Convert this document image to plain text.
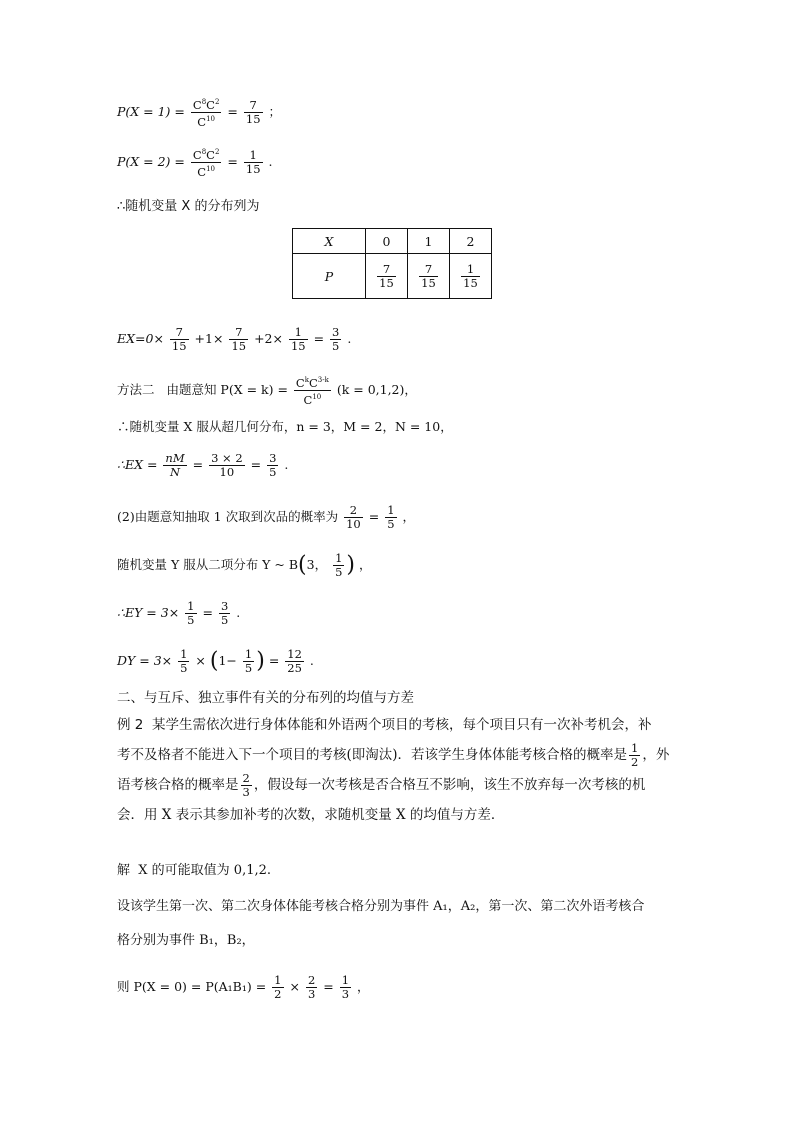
$P(X = 1) = \frac{C^8C^2}{C^{10}} = \frac{7}{15}$ ；
$P(X = 2) = \frac{C^8C^2}{C^{10}} = \frac{1}{15}$ .
∴随机变量 X 的分布列为
X	0	1	2
P	$\frac{7}{15}$	$\frac{7}{15}$	$\frac{1}{15}$
$EX=0\times \frac{7}{15} +1\times \frac{7}{15} +2\times \frac{1}{15} = \frac{3}{5}$ .
方法二 由题意知 $P(X = k) = \frac{C^kC^{3-k}}{C^{10}} (k = 0,1,2)$，
∴随机变量 X 服从超几何分布，n = 3，M = 2，N = 10，
∴EX = $\frac{nM}{N} = \frac{3 \times 2}{10} = \frac{3}{5}$ .
(2)由题意知抽取 1 次取到次品的概率为 $\frac{2}{10} = \frac{1}{5}$ ，
随机变量 Y 服从二项分布 Y ~ B(3， $\frac{1}{5}$ ) ，
∴EY = $3\times \frac{1}{5} = \frac{3}{5}$ .
DY = $3\times \frac{1}{5} \times (1- \frac{1}{5}$ ) = $\frac{12}{25}$ .
二、与互斥、独立事件有关的分布列的均值与方差
例 2 某学生需依次进行身体体能和外语两个项目的考核，每个项目只有一次补考机会，补
考不及格者不能进入下一个项目的考核(即淘汰)．若该学生身体体能考核合格的概率是 $\frac{1}{2}$ ，外
语考核合格的概率是 $\frac{2}{3}$ ，假设每一次考核是否合格互不影响，该生不放弃每一次考核的机
会．用 X 表示其参加补考的次数，求随机变量 X 的均值与方差．
解 X 的可能取值为 0,1,2.
设该学生第一次、第二次身体体能考核合格分别为事件 A₁，A₂，第一次、第二次外语考核合
格分别为事件 B₁，B₂，
则 $P(X = 0) = P(A_1B_1) = \frac{1}{2} \times \frac{2}{3} = \frac{1}{3}$ ，
